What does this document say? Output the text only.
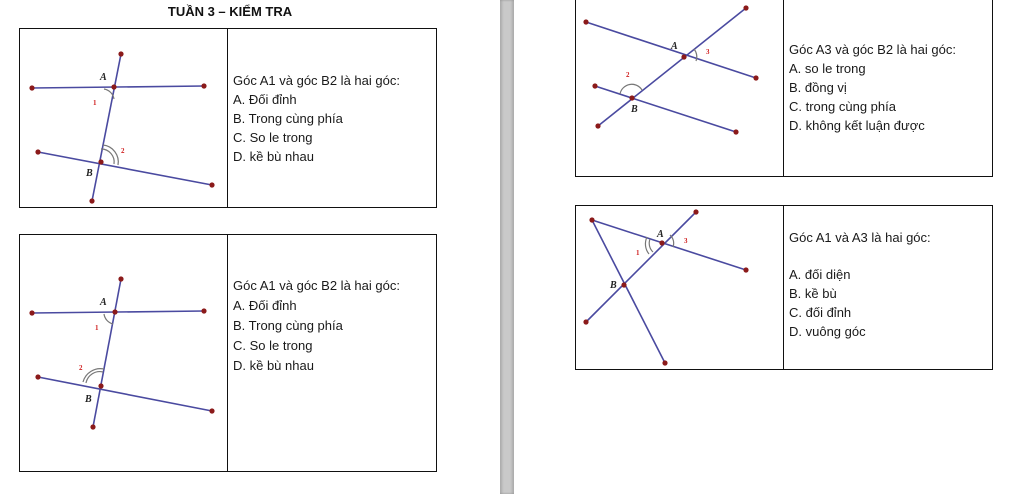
TUẦN 3 – KIỂM TRA
A
B
1
2
Góc A1 và góc B2 là hai góc:
A. Đối đỉnh
B. Trong cùng phía
C. So le trong
D. kề bù nhau
A
B
1
2
Góc A1 và góc B2 là hai góc:
A. Đối đỉnh
B. Trong cùng phía
C. So le trong
D. kề bù nhau
A
B
3
2
Góc A3 và góc B2 là hai góc:
A. so le trong
B. đồng vị
C. trong cùng phía
D. không kết luận được
A
B
1
3	Góc A1 và A3 là hai góc:
A. đối diện
B. kề bù
C. đối đỉnh
D. vuông góc
